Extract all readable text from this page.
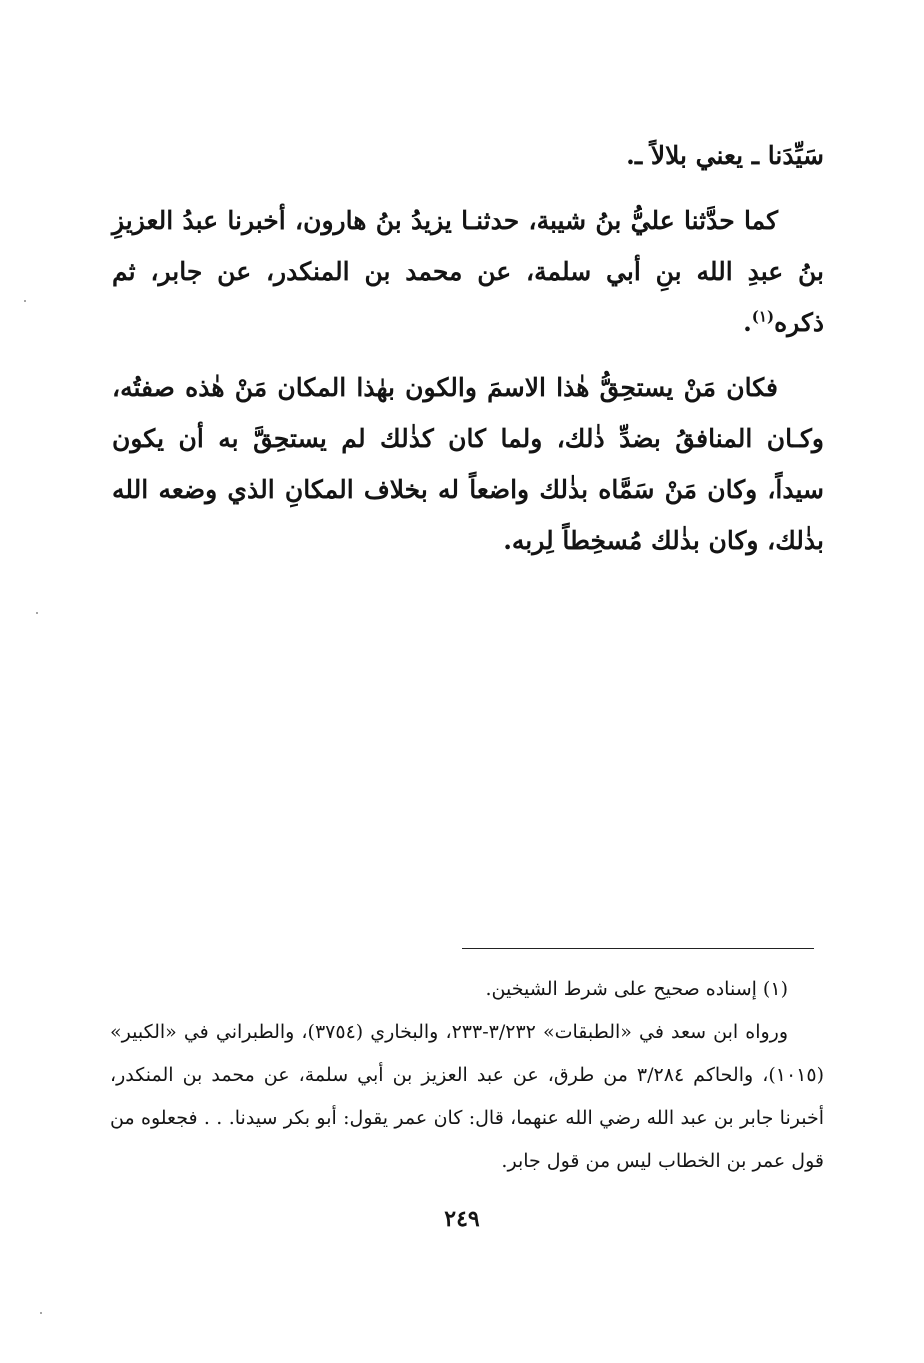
سَيِّدَنا ـ يعني بلالاً ـ.

كما حدَّثنا عليُّ بنُ شيبة، حدثنـا يزيدُ بنُ هارون، أخبرنا عبدُ العزيزِ بنُ عبدِ الله بنِ أبي سلمة، عن محمد بن المنكدر، عن جابر، ثم ذكره$^{(١)}$.

فكان مَنْ يستحِقُّ هٰذا الاسمَ والكون بهٰذا المكان مَنْ هٰذه صفتُه، وكـان المنافقُ بضدِّ ذٰلك، ولما كان كذٰلك لم يستحِقَّ به أن يكون سيداً، وكان مَنْ سَمَّاه بذٰلك واضعاً له بخلاف المكانِ الذي وضعه الله بذٰلك، وكان بذٰلك مُسخِطاً لِربه.

(١) إسناده صحيح على شرط الشيخين.

ورواه ابن سعد في «الطبقات» ٣/٢٣٢-٢٣٣، والبخاري (٣٧٥٤)، والطبراني في «الكبير» (١٠١٥)، والحاكم ٣/٢٨٤ من طرق، عن عبد العزيز بن أبي سلمة، عن محمد بن المنكدر، أخبرنا جابر بن عبد الله رضي الله عنهما، قال: كان عمر يقول: أبو بكر سيدنا. . . فجعلوه من قول عمر بن الخطاب ليس من قول جابر.

٢٤٩
